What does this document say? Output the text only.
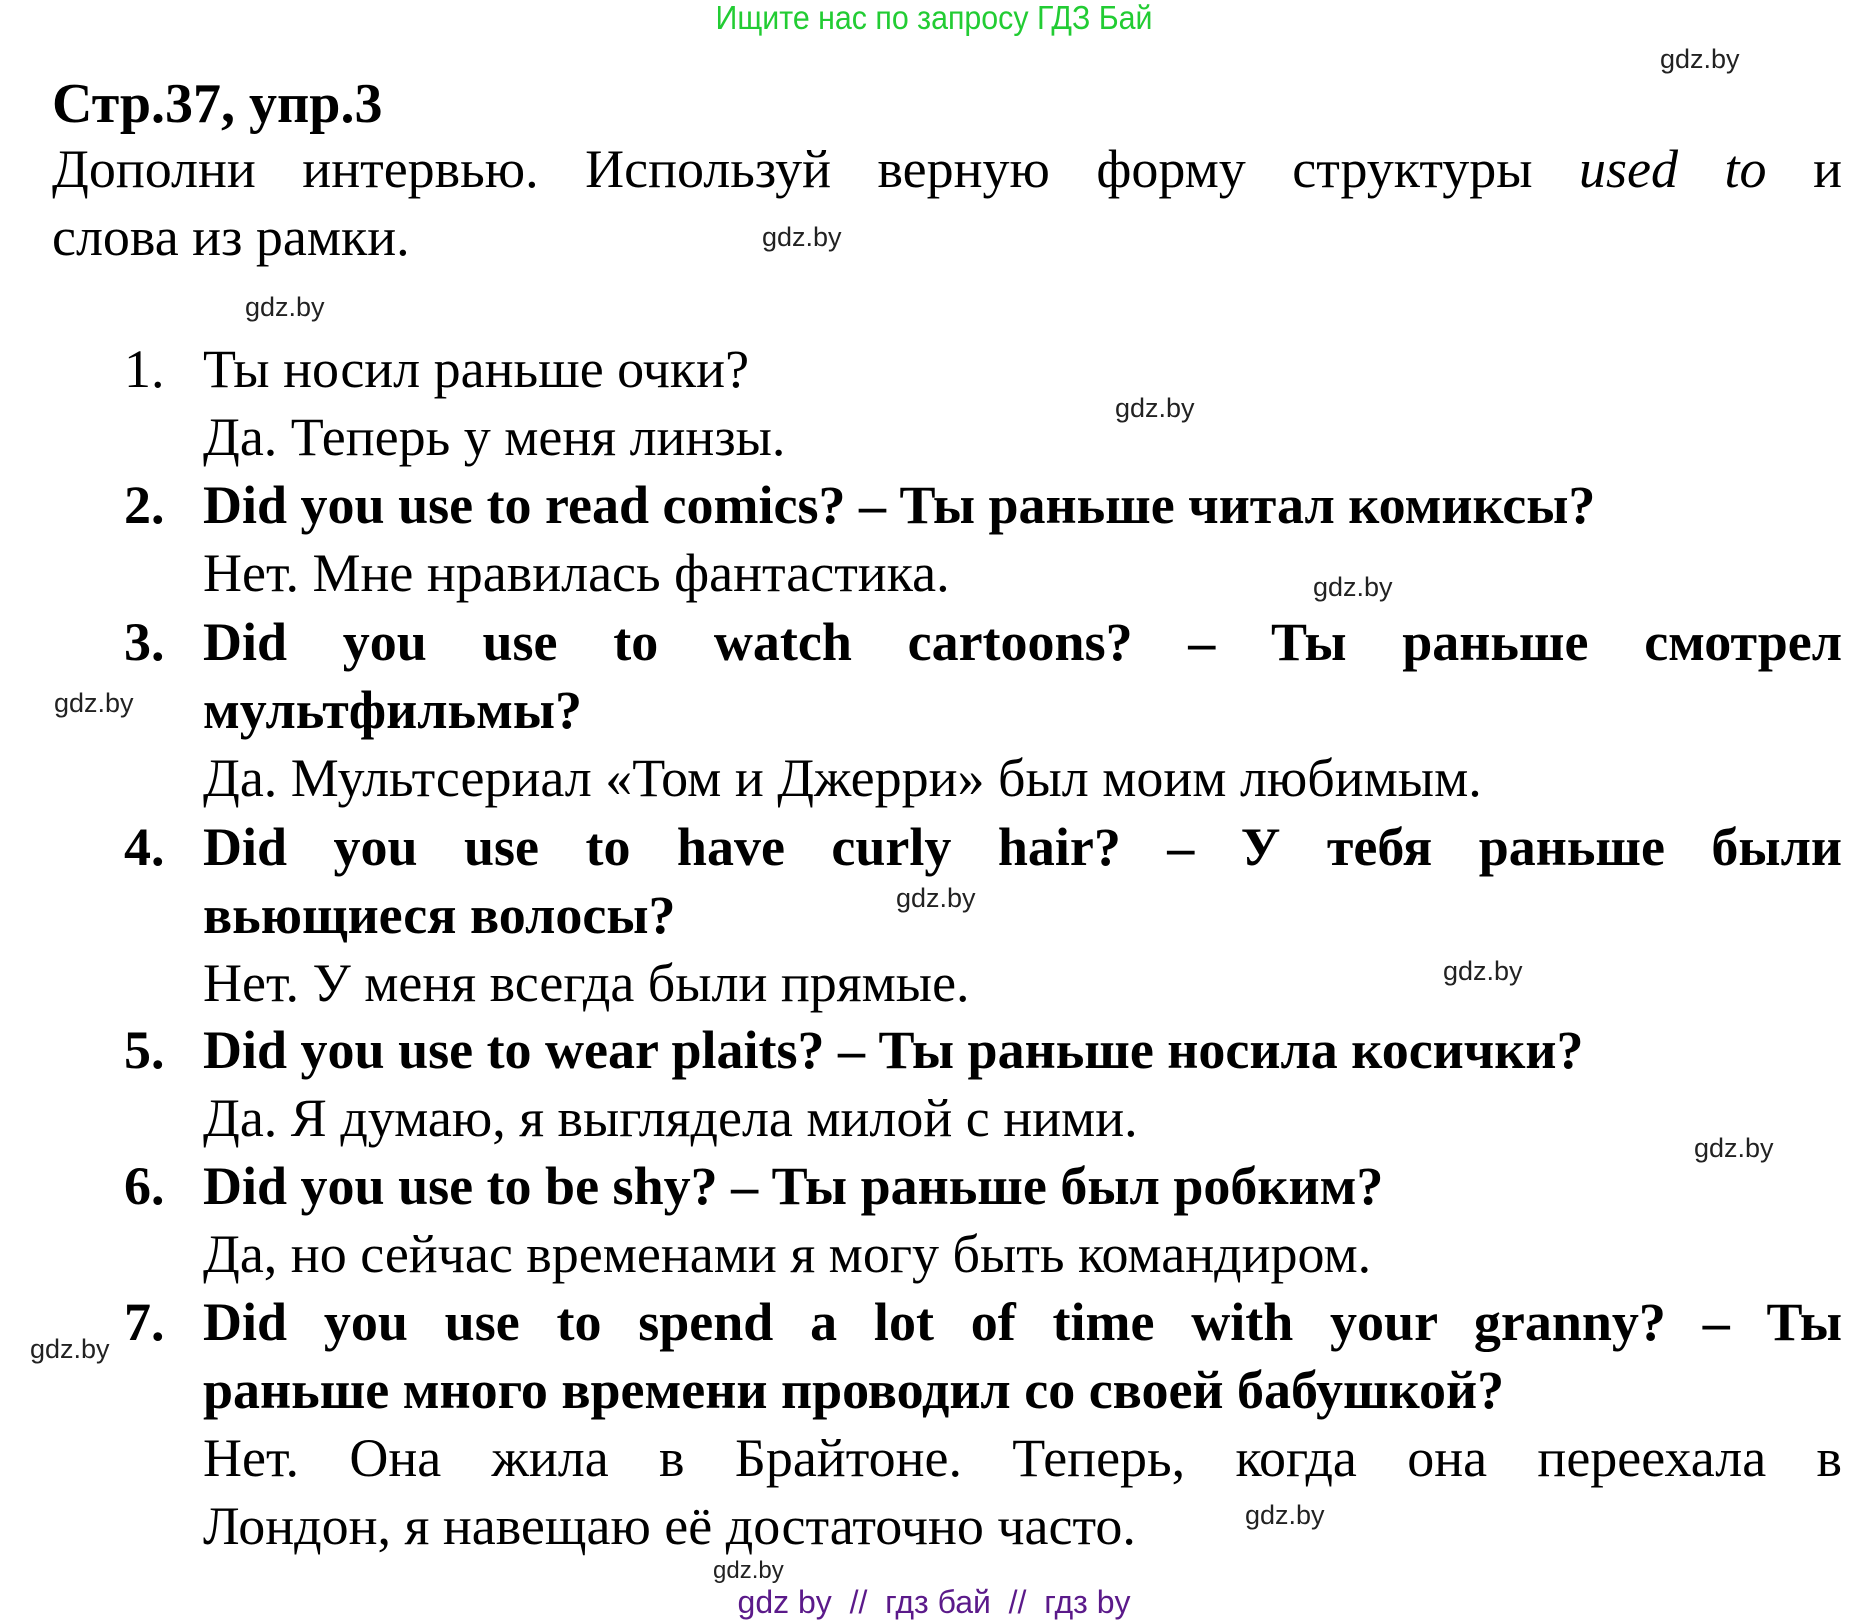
Ищите нас по запросу ГДЗ Бай
Стр.37, упр.3
Дополни интервью. Используй верную форму структуры used to и
слова из рамки.
1. Ты носил раньше очки?
Да. Теперь у меня линзы.
2. Did you use to read comics? – Ты раньше читал комиксы?
Нет. Мне нравилась фантастика.
3. Did you use to watch cartoons? – Ты раньше смотрел
мультфильмы?
Да. Мультсериал «Том и Джерри» был моим любимым.
4. Did you use to have curly hair? – У тебя раньше были
вьющиеся волосы?
Нет. У меня всегда были прямые.
5. Did you use to wear plaits? – Ты раньше носила косички?
Да. Я думаю, я выглядела милой с ними.
6. Did you use to be shy? – Ты раньше был робким?
Да, но сейчас временами я могу быть командиром.
7. Did you use to spend a lot of time with your granny? – Ты
раньше много времени проводил со своей бабушкой?
Нет. Она жила в Брайтоне. Теперь, когда она переехала в
Лондон, я навещаю её достаточно часто.
gdz.by
gdz.by
gdz.by
gdz.by
gdz.by
gdz.by
gdz.by
gdz.by
gdz.by
gdz.by
gdz.by
gdz.by
gdz by  //  гдз бай  //  гдз by
